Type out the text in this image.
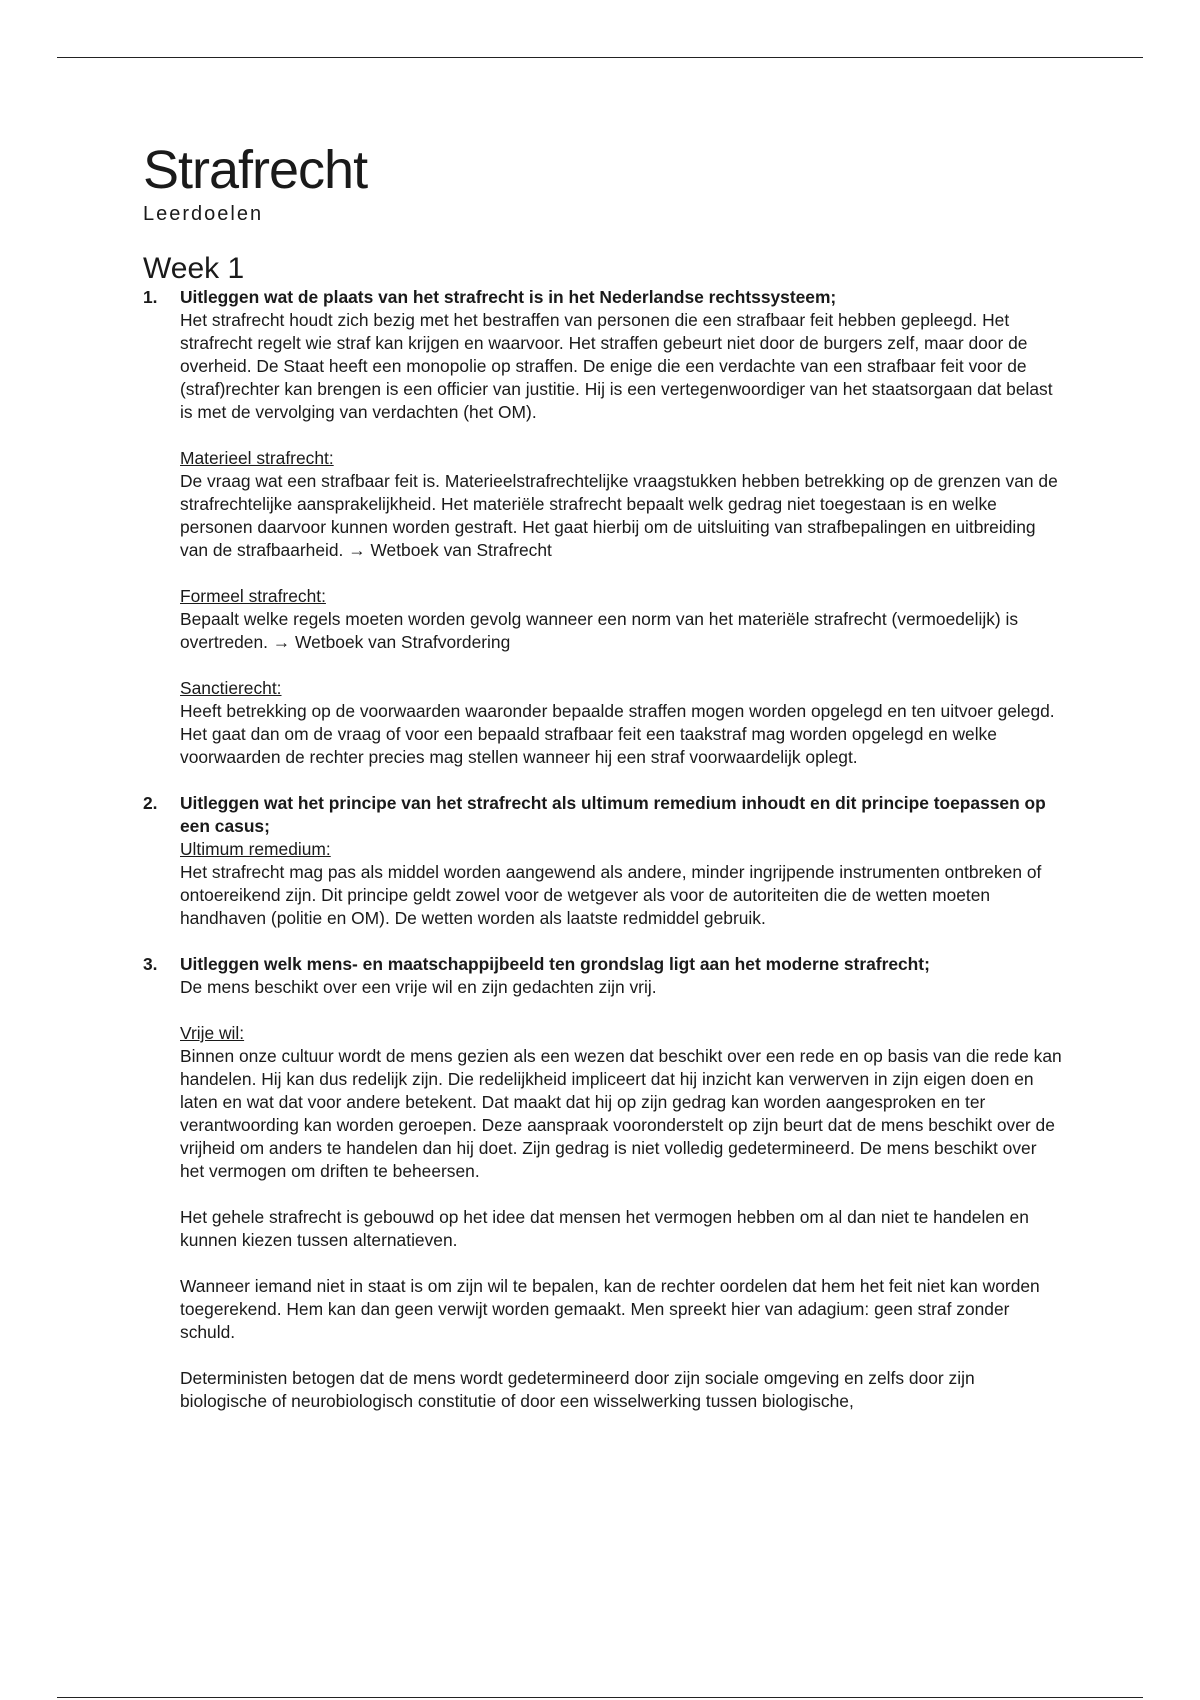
Strafrecht
Leerdoelen
Week 1
1. Uitleggen wat de plaats van het strafrecht is in het Nederlandse rechtssysteem;

Het strafrecht houdt zich bezig met het bestraffen van personen die een strafbaar feit hebben gepleegd. Het strafrecht regelt wie straf kan krijgen en waarvoor. Het straffen gebeurt niet door de burgers zelf, maar door de overheid. De Staat heeft een monopolie op straffen. De enige die een verdachte van een strafbaar feit voor de (straf)rechter kan brengen is een officier van justitie. Hij is een vertegenwoordiger van het staatsorgaan dat belast is met de vervolging van verdachten (het OM).

Materieel strafrecht:

De vraag wat een strafbaar feit is. Materieelstrafrechtelijke vraagstukken hebben betrekking op de grenzen van de strafrechtelijke aansprakelijkheid. Het materiële strafrecht bepaalt welk gedrag niet toegestaan is en welke personen daarvoor kunnen worden gestraft. Het gaat hierbij om de uitsluiting van strafbepalingen en uitbreiding van de strafbaarheid. → Wetboek van Strafrecht

Formeel strafrecht:

Bepaalt welke regels moeten worden gevolg wanneer een norm van het materiële strafrecht (vermoedelijk) is overtreden. → Wetboek van Strafvordering

Sanctierecht:

Heeft betrekking op de voorwaarden waaronder bepaalde straffen mogen worden opgelegd en ten uitvoer gelegd. Het gaat dan om de vraag of voor een bepaald strafbaar feit een taakstraf mag worden opgelegd en welke voorwaarden de rechter precies mag stellen wanneer hij een straf voorwaardelijk oplegt.

2. Uitleggen wat het principe van het strafrecht als ultimum remedium inhoudt en dit principe toepassen op een casus;

Ultimum remedium:

Het strafrecht mag pas als middel worden aangewend als andere, minder ingrijpende instrumenten ontbreken of ontoereikend zijn. Dit principe geldt zowel voor de wetgever als voor de autoriteiten die de wetten moeten handhaven (politie en OM). De wetten worden als laatste redmiddel gebruik.

3. Uitleggen welk mens- en maatschappijbeeld ten grondslag ligt aan het moderne strafrecht;

De mens beschikt over een vrije wil en zijn gedachten zijn vrij.

Vrije wil:

Binnen onze cultuur wordt de mens gezien als een wezen dat beschikt over een rede en op basis van die rede kan handelen. Hij kan dus redelijk zijn. Die redelijkheid impliceert dat hij inzicht kan verwerven in zijn eigen doen en laten en wat dat voor andere betekent. Dat maakt dat hij op zijn gedrag kan worden aangesproken en ter verantwoording kan worden geroepen. Deze aanspraak vooronderstelt op zijn beurt dat de mens beschikt over de vrijheid om anders te handelen dan hij doet. Zijn gedrag is niet volledig gedetermineerd. De mens beschikt over het vermogen om driften te beheersen.

Het gehele strafrecht is gebouwd op het idee dat mensen het vermogen hebben om al dan niet te handelen en kunnen kiezen tussen alternatieven.

Wanneer iemand niet in staat is om zijn wil te bepalen, kan de rechter oordelen dat hem het feit niet kan worden toegerekend. Hem kan dan geen verwijt worden gemaakt. Men spreekt hier van adagium: geen straf zonder schuld.

Deterministen betogen dat de mens wordt gedetermineerd door zijn sociale omgeving en zelfs door zijn biologische of neurobiologisch constitutie of door een wisselwerking tussen biologische,
